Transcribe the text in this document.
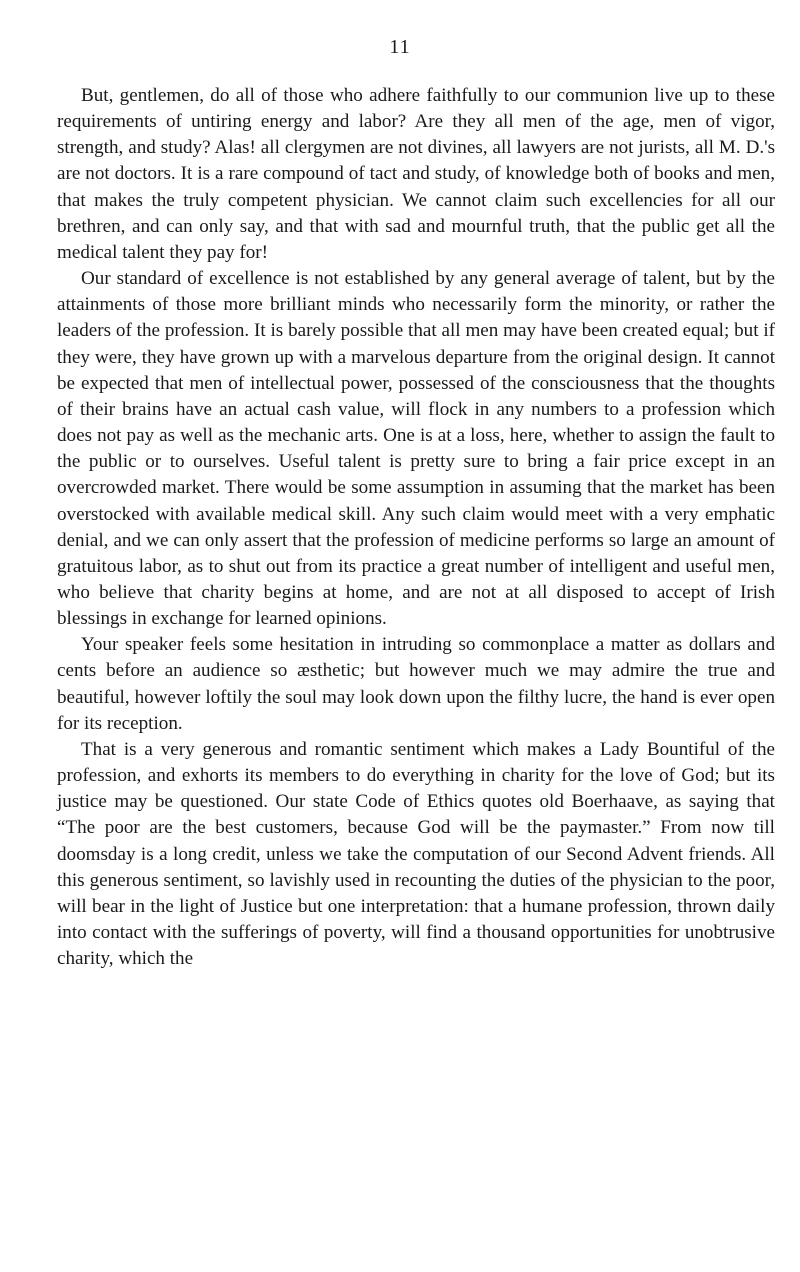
11

But, gentlemen, do all of those who adhere faithfully to our communion live up to these requirements of untiring energy and labor? Are they all men of the age, men of vigor, strength, and study? Alas! all clergymen are not divines, all lawyers are not jurists, all M. D.'s are not doctors. It is a rare compound of tact and study, of knowledge both of books and men, that makes the truly competent physician. We cannot claim such excellencies for all our brethren, and can only say, and that with sad and mournful truth, that the public get all the medical talent they pay for!

Our standard of excellence is not established by any general average of talent, but by the attainments of those more brilliant minds who necessarily form the minority, or rather the leaders of the profession. It is barely possible that all men may have been created equal; but if they were, they have grown up with a marvelous departure from the original design. It cannot be expected that men of intellectual power, possessed of the consciousness that the thoughts of their brains have an actual cash value, will flock in any numbers to a profession which does not pay as well as the mechanic arts. One is at a loss, here, whether to assign the fault to the public or to ourselves. Useful talent is pretty sure to bring a fair price except in an overcrowded market. There would be some assumption in assuming that the market has been overstocked with available medical skill. Any such claim would meet with a very emphatic denial, and we can only assert that the profession of medicine performs so large an amount of gratuitous labor, as to shut out from its practice a great number of intelligent and useful men, who believe that charity begins at home, and are not at all disposed to accept of Irish blessings in exchange for learned opinions.

Your speaker feels some hesitation in intruding so commonplace a matter as dollars and cents before an audience so æsthetic; but however much we may admire the true and beautiful, however loftily the soul may look down upon the filthy lucre, the hand is ever open for its reception.

That is a very generous and romantic sentiment which makes a Lady Bountiful of the profession, and exhorts its members to do everything in charity for the love of God; but its justice may be questioned. Our state Code of Ethics quotes old Boerhaave, as saying that “The poor are the best customers, because God will be the paymaster.” From now till doomsday is a long credit, unless we take the computation of our Second Advent friends. All this generous sentiment, so lavishly used in recounting the duties of the physician to the poor, will bear in the light of Justice but one interpretation: that a humane profession, thrown daily into contact with the sufferings of poverty, will find a thousand opportunities for unobtrusive charity, which the
